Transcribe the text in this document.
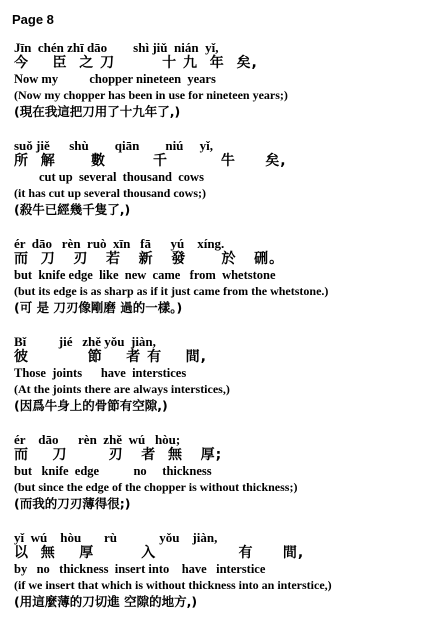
Page 8
Jīn  chén zhī dāo        shì jiǔ  nián  yǐ,
今    臣  之 刀        十 九  年  矣,
Now my          chopper nineteen  years
(Now my chopper has been in use for nineteen years;)
(現在我這把刀用了十九年了,)
suǒ jiě      shù        qiān        niú     yǐ,
所  解      數        千         牛     矣,
cut up  several  thousand  cows
(it has cut up several thousand cows;)
(殺牛已經幾千隻了,)
ér  dāo   rèn  ruò  xīn   fā      yú    xíng.
而  刀   刃   若   新   發      於   硎。
but  knife edge  like  new  came   from  whetstone
(but its edge is as sharp as if it just came from the whetstone.)
(可 是 刀刃像剛磨 過的一樣。)
Bǐ          jié   zhě yǒu  jiàn,
彼          節    者 有    間,
Those  joints      have  interstices
(At the joints there are always interstices,)
(因爲牛身上的骨節有空隙,)
ér    dāo      rèn  zhě  wú   hòu;
而    刀       刃   者  無   厚;
but   knife  edge           no     thickness
(but since the edge of the chopper is without thickness;)
(而我的刀刃薄得很;)
yǐ  wú    hòu       rù             yǒu    jiàn,
以  無    厚        入              有     間,
by   no   thickness  insert into    have   interstice
(if we insert that which is without thickness into an interstice,)
(用這麼薄的刀切進 空隙的地方,)
